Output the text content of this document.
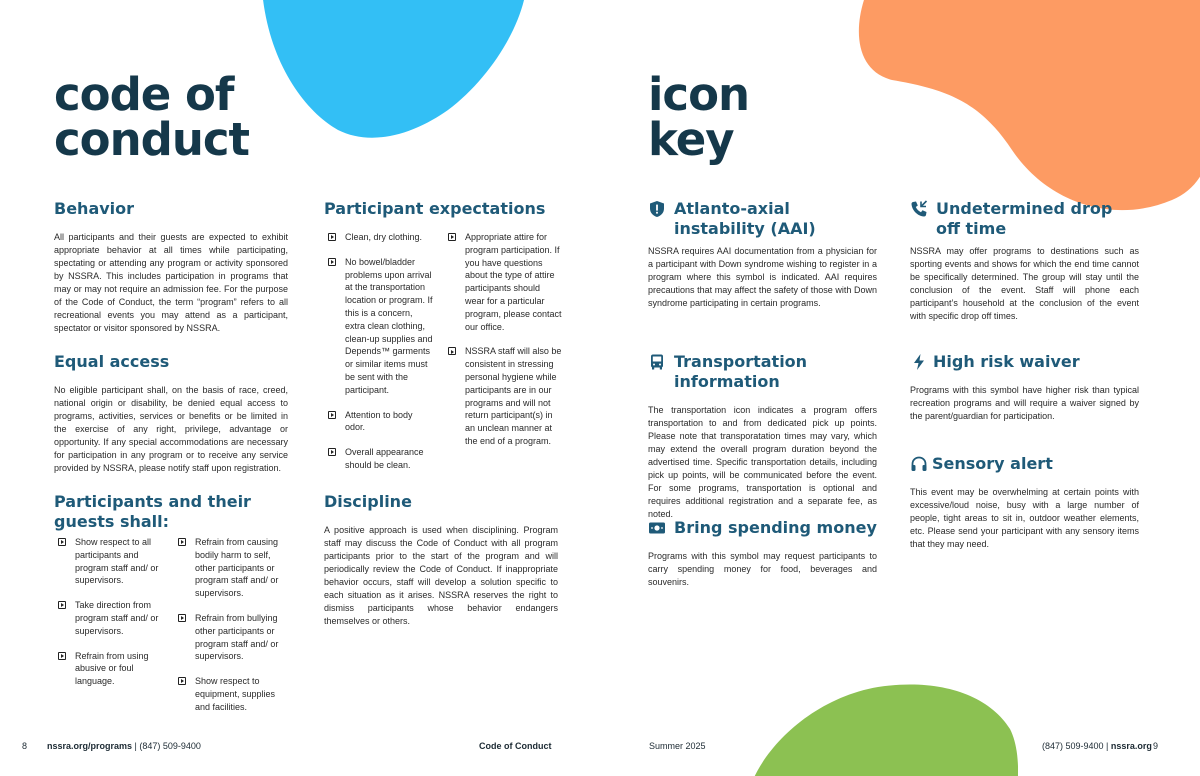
code of
conduct
Behavior

All participants and their guests are expected to exhibit appropriate behavior at all times while participating, spectating or attending any program or activity sponsored by NSSRA. This includes participation in programs that may or may not require an admission fee. For the purpose of the Code of Conduct, the term “program” refers to all recreational events you may attend as a participant, spectator or visitor sponsored by NSSRA.

Equal access

No eligible participant shall, on the basis of race, creed, national origin or disability, be denied equal access to programs, activities, services or benefits or be limited in the exercise of any right, privilege, advantage or opportunity. If any special accommodations are necessary for participation in any program or to receive any service provided by NSSRA, please notify staff upon registration.

Participants and their guests shall:
Show respect to all participants and program staff and/ or supervisors.
Take direction from program staff and/ or supervisors.
Refrain from using abusive or foul language.
Refrain from causing bodily harm to self, other participants or program staff and/ or supervisors.
Refrain from bullying other participants or program staff and/ or supervisors.
Show respect to equipment, supplies and facilities.
Participant expectations
Clean, dry clothing.
No bowel/bladder problems upon arrival at the transportation location or program. If this is a concern, extra clean clothing, clean-up supplies and Depends™ garments or similar items must be sent with the participant.
Attention to body odor.
Overall appearance should be clean.
Appropriate attire for program participation. If you have questions about the type of attire participants should wear for a particular program, please contact our office.
NSSRA staff will also be consistent in stressing personal hygiene while participants are in our programs and will not return participant(s) in an unclean manner at the end of a program.
Discipline

A positive approach is used when disciplining. Program staff may discuss the Code of Conduct with all program participants prior to the start of the program and will periodically review the Code of Conduct. If inappropriate behavior occurs, staff will develop a solution specific to each situation as it arises. NSSRA reserves the right to dismiss participants whose behavior endangers themselves or others.

8 nssra.org/programs | (847) 509-9400	Code of Conduct
icon
key
Atlanto-axial instability (AAI)

NSSRA requires AAI documentation from a physician for a participant with Down syndrome wishing to register in a program where this symbol is indicated. AAI requires precautions that may affect the safety of those with Down syndrome participating in certain programs.

Transportation information

The transportation icon indicates a program offers transportation to and from dedicated pick up points. Please note that transporatation times may vary, which may extend the overall program duration beyond the advertised time. Specific transportation details, including pick up points, will be communicated before the event. For some programs, transportation is optional and requires additional registration and a separate fee, as noted.

Bring spending money

Programs with this symbol may request participants to carry spending money for food, beverages and souvenirs.

Undetermined drop off time

NSSRA may offer programs to destinations such as sporting events and shows for which the end time cannot be specifically determined. The group will stay until the conclusion of the event. Staff will phone each participant’s household at the conclusion of the event with specific drop off times.

High risk waiver

Programs with this symbol have higher risk than typical recreation programs and will require a waiver signed by the parent/guardian for participation.

Sensory alert

This event may be overwhelming at certain points with excessive/loud noise, busy with a large number of people, tight areas to sit in, outdoor weather elements, etc. Please send your participant with any sensory items that they may need.

Summer 2025	(847) 509-9400 | nssra.org 9
